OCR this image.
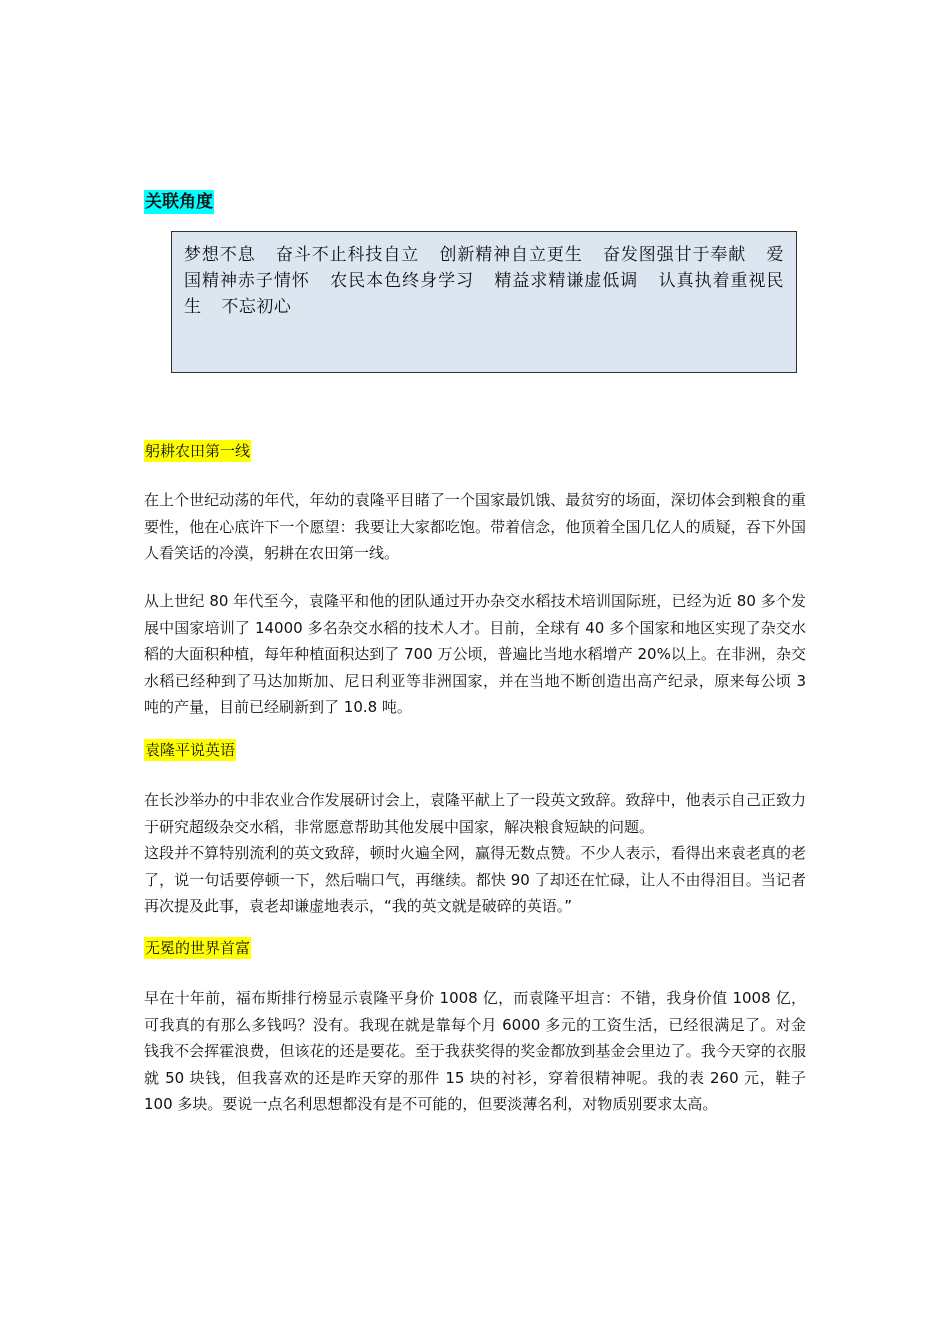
关联角度
梦想不息 奋斗不止科技自立 创新精神自立更生 奋发图强甘于奉献 爱国精神赤子情怀 农民本色终身学习 精益求精谦虚低调 认真执着重视民生 不忘初心
躬耕农田第一线

在上个世纪动荡的年代，年幼的袁隆平目睹了一个国家最饥饿、最贫穷的场面，深切体会到粮食的重要性，他在心底许下一个愿望：我要让大家都吃饱。带着信念，他顶着全国几亿人的质疑，吞下外国人看笑话的冷漠，躬耕在农田第一线。

从上世纪 80 年代至今，袁隆平和他的团队通过开办杂交水稻技术培训国际班，已经为近 80 多个发展中国家培训了 14000 多名杂交水稻的技术人才。目前，全球有 40 多个国家和地区实现了杂交水稻的大面积种植，每年种植面积达到了 700 万公顷，普遍比当地水稻增产 20%以上。在非洲，杂交水稻已经种到了马达加斯加、尼日利亚等非洲国家，并在当地不断创造出高产纪录，原来每公顷 3 吨的产量，目前已经刷新到了 10.8 吨。

袁隆平说英语

在长沙举办的中非农业合作发展研讨会上，袁隆平献上了一段英文致辞。致辞中，他表示自己正致力于研究超级杂交水稻，非常愿意帮助其他发展中国家，解决粮食短缺的问题。

这段并不算特别流利的英文致辞，顿时火遍全网，赢得无数点赞。不少人表示，看得出来袁老真的老了，说一句话要停顿一下，然后喘口气，再继续。都快 90 了却还在忙碌，让人不由得泪目。当记者再次提及此事，袁老却谦虚地表示，“我的英文就是破碎的英语。”

无冕的世界首富

早在十年前，福布斯排行榜显示袁隆平身价 1008 亿，而袁隆平坦言：不错，我身价值 1008 亿，可我真的有那么多钱吗？没有。我现在就是靠每个月 6000 多元的工资生活，已经很满足了。对金钱我不会挥霍浪费，但该花的还是要花。至于我获奖得的奖金都放到基金会里边了。我今天穿的衣服就 50 块钱，但我喜欢的还是昨天穿的那件 15 块的衬衫，穿着很精神呢。我的表 260 元，鞋子 100 多块。要说一点名利思想都没有是不可能的，但要淡薄名利，对物质别要求太高。
